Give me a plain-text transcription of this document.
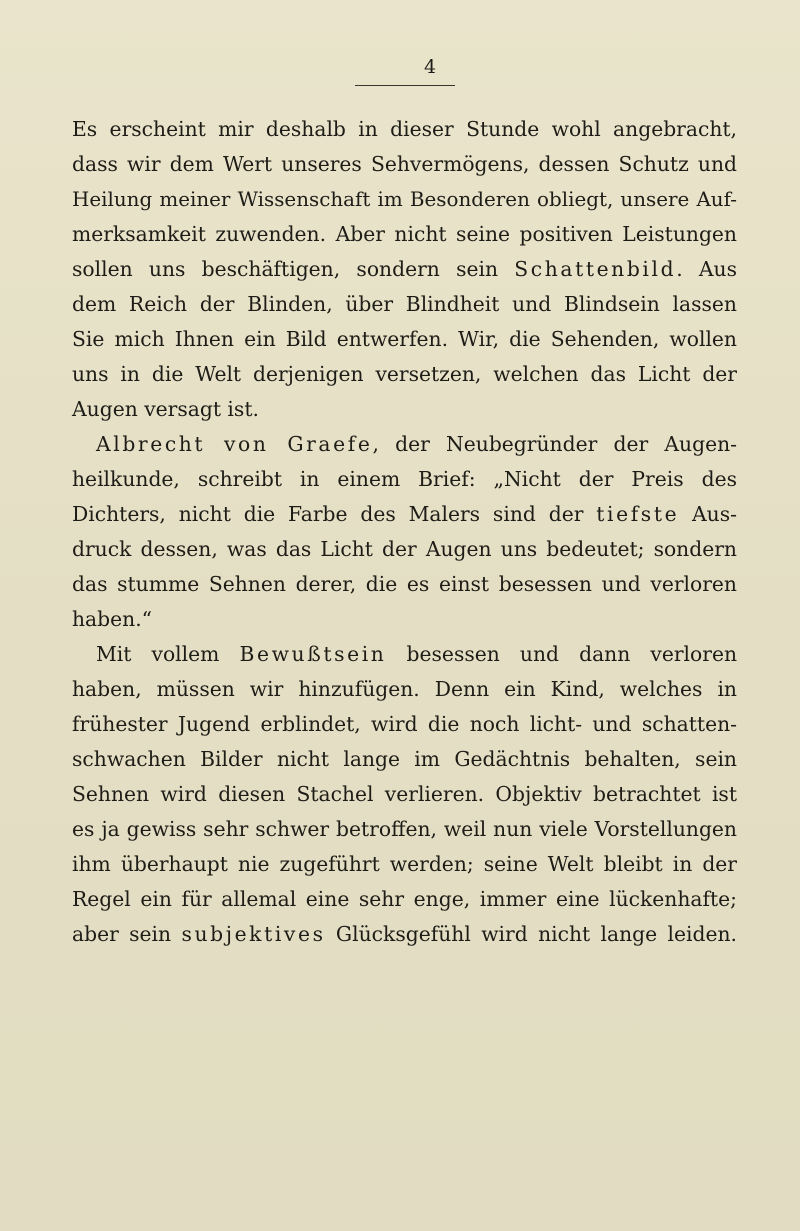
4
Es erscheint mir deshalb in dieser Stunde wohl angebracht,
dass wir dem Wert unseres Sehvermögens, dessen Schutz und
Heilung meiner Wissenschaft im Besonderen obliegt, unsere Auf-
merksamkeit zuwenden. Aber nicht seine positiven Leistungen
sollen uns beschäftigen, sondern sein Schattenbild. Aus
dem Reich der Blinden, über Blindheit und Blindsein lassen
Sie mich Ihnen ein Bild entwerfen. Wir, die Sehenden, wollen
uns in die Welt derjenigen versetzen, welchen das Licht der
Augen versagt ist.
Albrecht von Graefe, der Neubegründer der Augen-
heilkunde, schreibt in einem Brief: „Nicht der Preis des
Dichters, nicht die Farbe des Malers sind der tiefste Aus-
druck dessen, was das Licht der Augen uns bedeutet; sondern
das stumme Sehnen derer, die es einst besessen und verloren
haben.“
Mit vollem Bewußtsein besessen und dann verloren
haben, müssen wir hinzufügen. Denn ein Kind, welches in
frühester Jugend erblindet, wird die noch licht- und schatten-
schwachen Bilder nicht lange im Gedächtnis behalten, sein
Sehnen wird diesen Stachel verlieren. Objektiv betrachtet ist
es ja gewiss sehr schwer betroffen, weil nun viele Vorstellungen
ihm überhaupt nie zugeführt werden; seine Welt bleibt in der
Regel ein für allemal eine sehr enge, immer eine lückenhafte;
aber sein subjektives Glücksgefühl wird nicht lange leiden.
